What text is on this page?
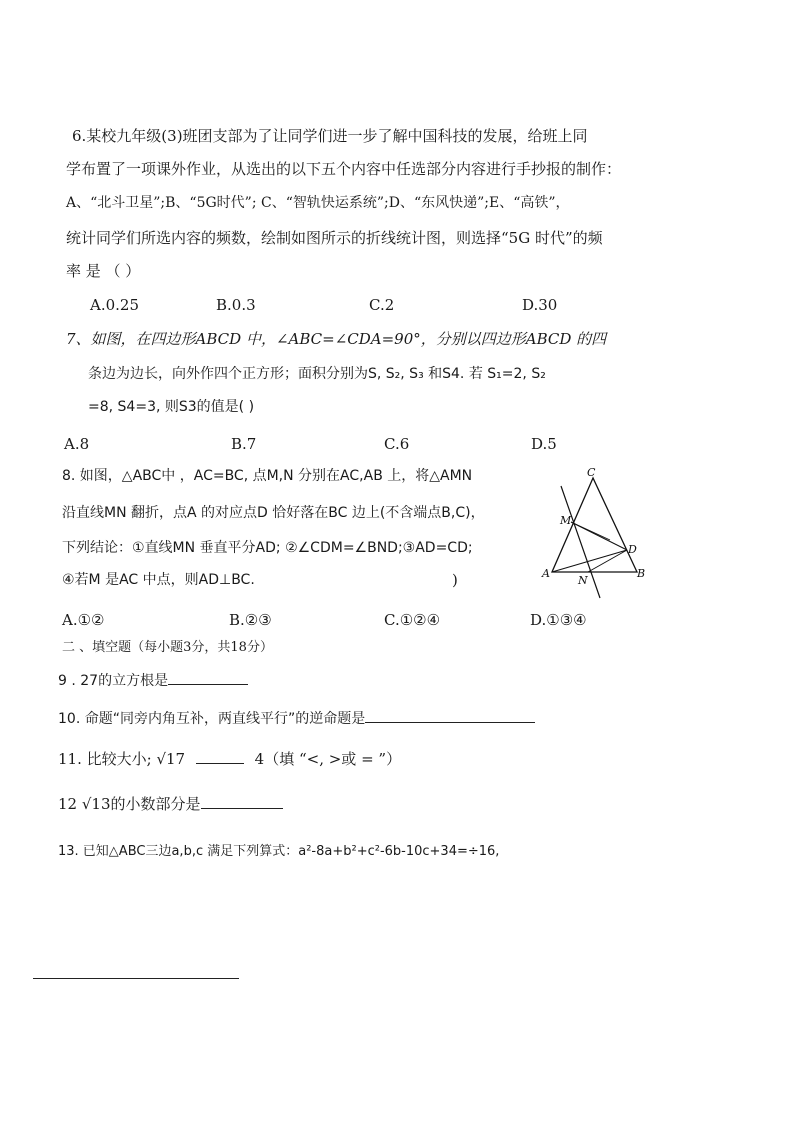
6.某校九年级(3)班团支部为了让同学们进一步了解中国科技的发展，给班上同
学布置了一项课外作业，从选出的以下五个内容中任选部分内容进行手抄报的制作：
A、“北斗卫星”;B、“5G时代”; C、“智轨快运系统”;D、“东风快递”;E、“高铁”，
统计同学们所选内容的频数，绘制如图所示的折线统计图，则选择“5G 时代”的频
率 是 （ ）
A.0.25	B.0.3	C.2	D.30
7、如图，在四边形ABCD 中，∠ABC=∠CDA=90°，分别以四边形ABCD 的四
条边为边长，向外作四个正方形；面积分别为S, S₂, S₃ 和S4. 若 S₁=2, S₂
=8, S4=3, 则S3的值是( )
A.8	B.7	C.6	D.5
8. 如图，△ABC中 ，AC=BC, 点M,N 分别在AC,AB 上，将△AMN
沿直线MN 翻折，点A 的对应点D 恰好落在BC 边上(不含端点B,C)，
下列结论：①直线MN 垂直平分AD; ②∠CDM=∠BND;③AD=CD;
④若M 是AC 中点，则AD⊥BC.	)
C
M
D
A
N
B
A.①②	B.②③	C.①②④	D.①③④
二 、填空题（每小题3分，共18分）
9 . 27的立方根是
10. 命题“同旁内角互补，两直线平行”的逆命题是
11. 比较大小; √17	4（填 “<, >或 = ”）
12 √13的小数部分是
13. 已知△ABC三边a,b,c 满足下列算式：a²-8a+b²+c²-6b-10c+34=÷16,
